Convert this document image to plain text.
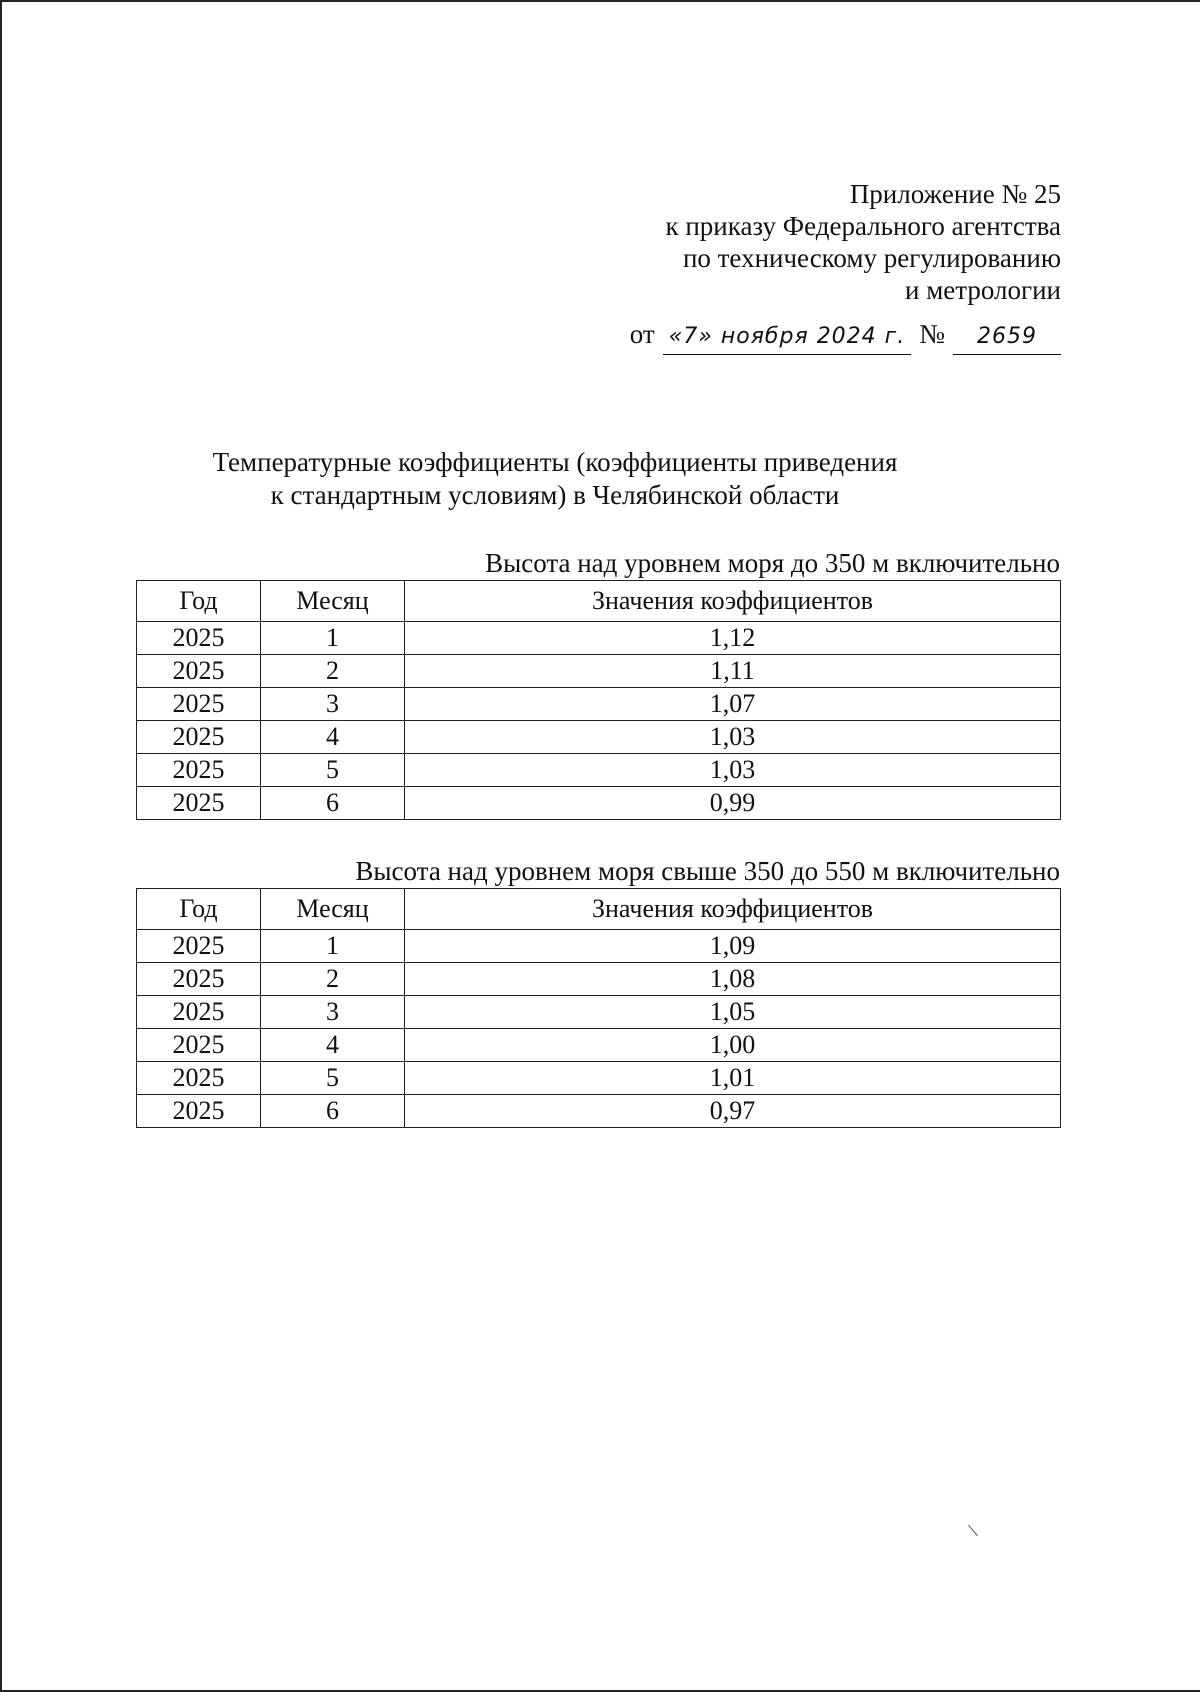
Приложение № 25
к приказу Федерального агентства
по техническому регулированию
и метрологии
от «7» ноября 2024 г. №	2659
Температурные коэффициенты (коэффициенты приведения
к стандартным условиям) в Челябинской области
Высота над уровнем моря до 350 м включительно
Год	Месяц	Значения коэффициентов
2025	1	1,12
2025	2	1,11
2025	3	1,07
2025	4	1,03
2025	5	1,03
2025	6	0,99
Высота над уровнем моря свыше 350 до 550 м включительно
Год	Месяц	Значения коэффициентов
2025	1	1,09
2025	2	1,08
2025	3	1,05
2025	4	1,00
2025	5	1,01
2025	6	0,97
